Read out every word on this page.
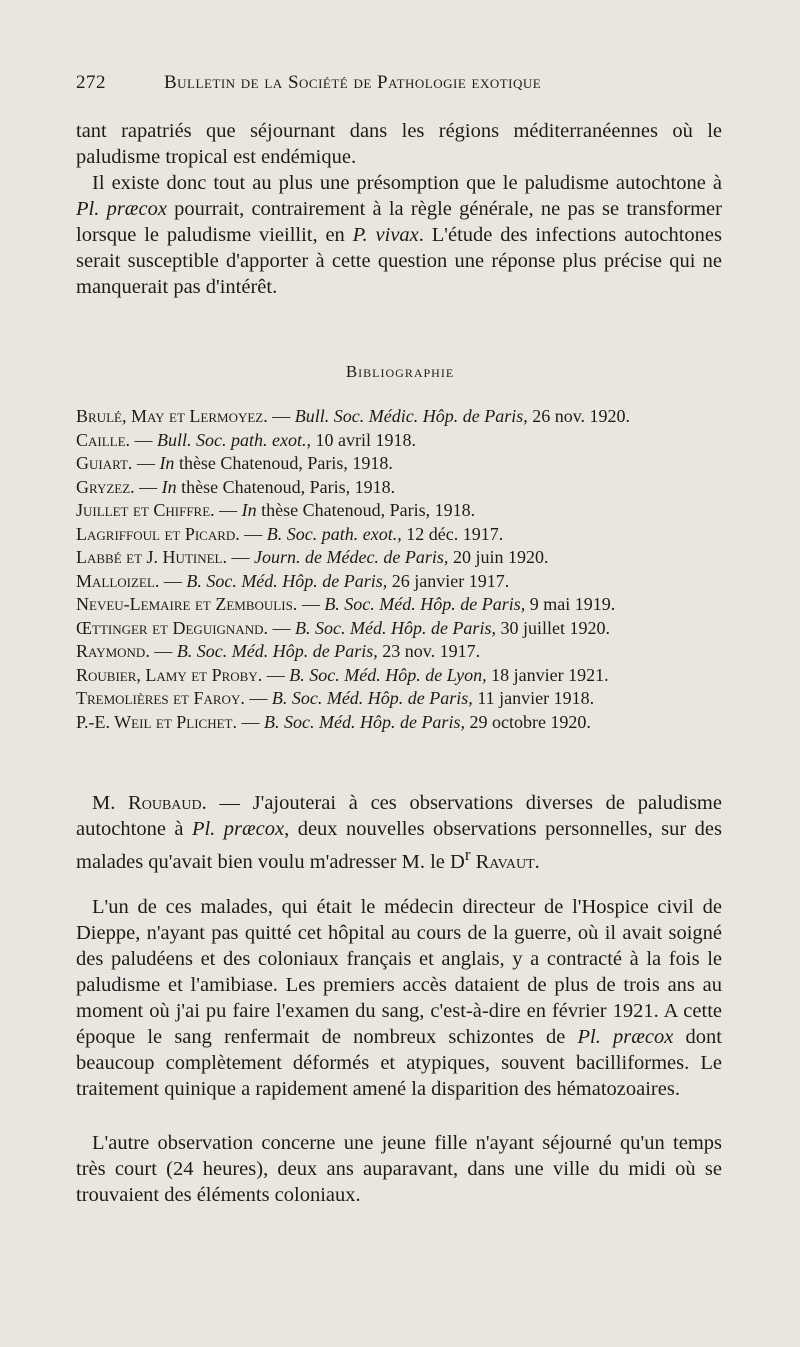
272	Bulletin de la Société de Pathologie exotique

tant rapatriés que séjournant dans les régions méditerranéennes où le paludisme tropical est endémique.

Il existe donc tout au plus une présomption que le paludisme autochtone à Pl. præcox pourrait, contrairement à la règle générale, ne pas se transformer lorsque le paludisme vieillit, en P. vivax. L'étude des infections autochtones serait susceptible d'apporter à cette question une réponse plus précise qui ne manquerait pas d'intérêt.

Bibliographie
Brulé, May et Lermoyez. — Bull. Soc. Médic. Hôp. de Paris, 26 nov. 1920.
Caille. — Bull. Soc. path. exot., 10 avril 1918.
Guiart. — In thèse Chatenoud, Paris, 1918.
Gryzez. — In thèse Chatenoud, Paris, 1918.
Juillet et Chiffre. — In thèse Chatenoud, Paris, 1918.
Lagriffoul et Picard. — B. Soc. path. exot., 12 déc. 1917.
Labbé et J. Hutinel. — Journ. de Médec. de Paris, 20 juin 1920.
Malloizel. — B. Soc. Méd. Hôp. de Paris, 26 janvier 1917.
Neveu-Lemaire et Zemboulis. — B. Soc. Méd. Hôp. de Paris, 9 mai 1919.
Œttinger et Deguignand. — B. Soc. Méd. Hôp. de Paris, 30 juillet 1920.
Raymond. — B. Soc. Méd. Hôp. de Paris, 23 nov. 1917.
Roubier, Lamy et Proby. — B. Soc. Méd. Hôp. de Lyon, 18 janvier 1921.
Tremolières et Faroy. — B. Soc. Méd. Hôp. de Paris, 11 janvier 1918.
P.-E. Weil et Plichet. — B. Soc. Méd. Hôp. de Paris, 29 octobre 1920.

M. Roubaud. — J'ajouterai à ces observations diverses de paludisme autochtone à Pl. præcox, deux nouvelles observations personnelles, sur des malades qu'avait bien voulu m'adresser M. le $D^r$ Ravaut.

L'un de ces malades, qui était le médecin directeur de l'Hospice civil de Dieppe, n'ayant pas quitté cet hôpital au cours de la guerre, où il avait soigné des paludéens et des coloniaux français et anglais, y a contracté à la fois le paludisme et l'amibiase. Les premiers accès dataient de plus de trois ans au moment où j'ai pu faire l'examen du sang, c'est-à-dire en février 1921. A cette époque le sang renfermait de nombreux schizontes de Pl. præcox dont beaucoup complètement déformés et atypiques, souvent bacilliformes. Le traitement quinique a rapidement amené la disparition des hématozoaires.

L'autre observation concerne une jeune fille n'ayant séjourné qu'un temps très court (24 heures), deux ans auparavant, dans une ville du midi où se trouvaient des éléments coloniaux.
